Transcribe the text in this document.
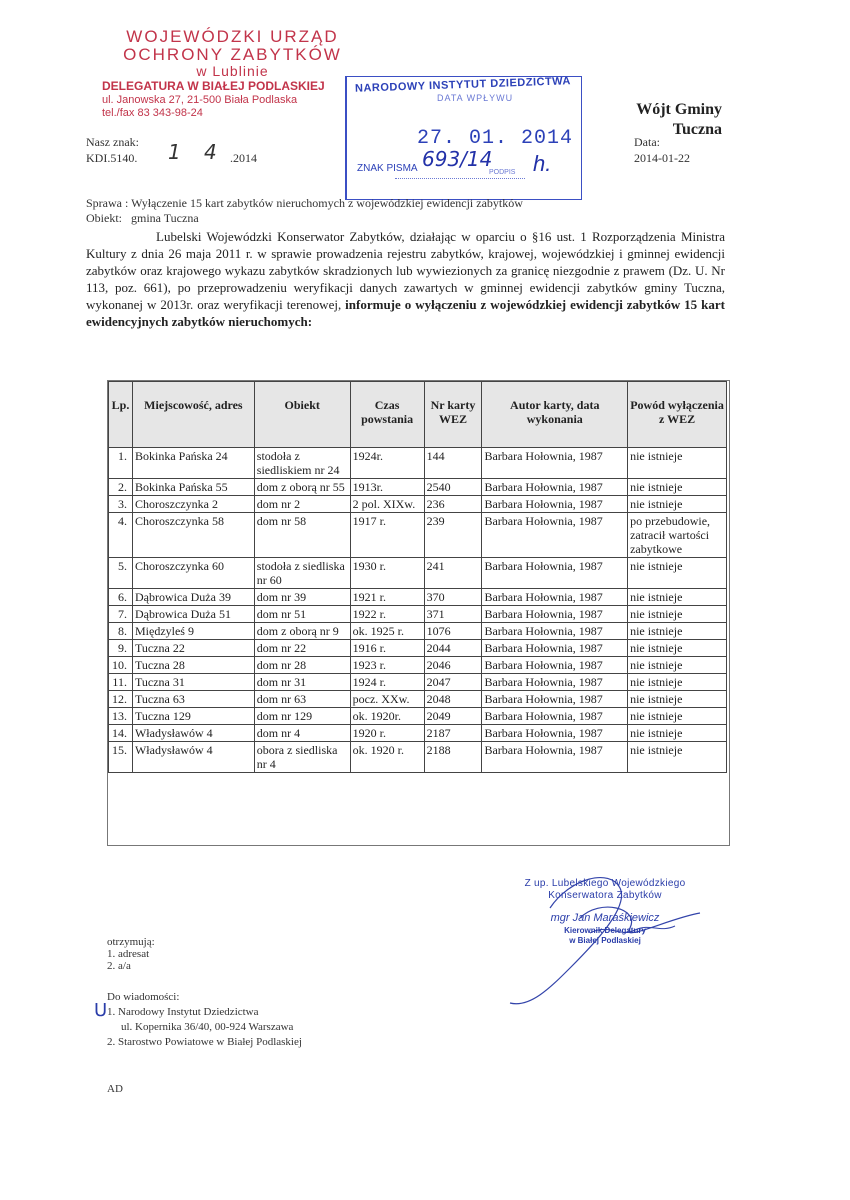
WOJEWÓDZKI URZĄD
OCHRONY ZABYTKÓW
w Lublinie
DELEGATURA W BIAŁEJ PODLASKIEJ
ul. Janowska 27, 21-500 Biała Podlaska
tel./fax 83 343-98-24
NARODOWY INSTYTUT DZIEDZICTWA
DATA WPŁYWU
27. 01. 2014
ZNAK PISMA 693/14
PODPIS h.
Wójt Gminy
Tuczna
Data:
2014-01-22
Nasz znak:
KDI.5140. 1 4 .2014
Sprawa : Wyłączenie 15 kart zabytków nieruchomych z wojewódzkiej ewidencji zabytków
Obiekt:   gmina Tuczna
Lubelski Wojewódzki Konserwator Zabytków, działając w oparciu o §16 ust. 1 Rozporządzenia Ministra Kultury z dnia 26 maja 2011 r. w sprawie prowadzenia rejestru zabytków, krajowej, wojewódzkiej i gminnej ewidencji zabytków oraz krajowego wykazu zabytków skradzionych lub wywiezionych za granicę niezgodnie z prawem (Dz. U. Nr 113, poz. 661), po przeprowadzeniu weryfikacji danych zawartych w gminnej ewidencji zabytków gminy Tuczna, wykonanej w 2013r. oraz weryfikacji terenowej, informuje o wyłączeniu z wojewódzkiej ewidencji zabytków 15 kart ewidencyjnych zabytków nieruchomych:
Lp.	Miejscowość, adres	Obiekt	Czas powstania	Nr karty WEZ	Autor karty, data wykonania	Powód wyłączenia z WEZ
1.	Bokinka Pańska 24	stodoła z siedliskiem nr 24	1924r.	144	Barbara Hołownia, 1987	nie istnieje
2.	Bokinka Pańska 55	dom z oborą nr 55	1913r.	2540	Barbara Hołownia, 1987	nie istnieje
3.	Choroszczynka 2	dom nr 2	2 pol. XIXw.	236	Barbara Hołownia, 1987	nie istnieje
4.	Choroszczynka 58	dom nr 58	1917 r.	239	Barbara Hołownia, 1987	po przebudowie, zatracił wartości zabytkowe
5.	Choroszczynka 60	stodoła z siedliska nr 60	1930 r.	241	Barbara Hołownia, 1987	nie istnieje
6.	Dąbrowica Duża 39	dom nr 39	1921 r.	370	Barbara Hołownia, 1987	nie istnieje
7.	Dąbrowica Duża 51	dom nr 51	1922 r.	371	Barbara Hołownia, 1987	nie istnieje
8.	Międzyleś 9	dom z oborą nr 9	ok. 1925 r.	1076	Barbara Hołownia, 1987	nie istnieje
9.	Tuczna 22	dom nr 22	1916 r.	2044	Barbara Hołownia, 1987	nie istnieje
10.	Tuczna 28	dom nr 28	1923 r.	2046	Barbara Hołownia, 1987	nie istnieje
11.	Tuczna 31	dom nr 31	1924 r.	2047	Barbara Hołownia, 1987	nie istnieje
12.	Tuczna 63	dom nr 63	pocz. XXw.	2048	Barbara Hołownia, 1987	nie istnieje
13.	Tuczna 129	dom nr 129	ok. 1920r.	2049	Barbara Hołownia, 1987	nie istnieje
14.	Władysławów 4	dom nr 4	1920 r.	2187	Barbara Hołownia, 1987	nie istnieje
15.	Władysławów 4	obora z siedliska nr 4	ok. 1920 r.	2188	Barbara Hołownia, 1987	nie istnieje
Z up. Lubelskiego Wojewódzkiego
Konserwatora Zabytków
mgr Jan Maraśkiewicz
Kierownik Delegatury
w Białej Podlaskiej
otrzymują:
1. adresat
2. a/a
Do wiadomości:
1. Narodowy Instytut Dziedzictwa
ul. Kopernika 36/40, 00-924 Warszawa
2. Starostwo Powiatowe w Białej Podlaskiej
U
AD
